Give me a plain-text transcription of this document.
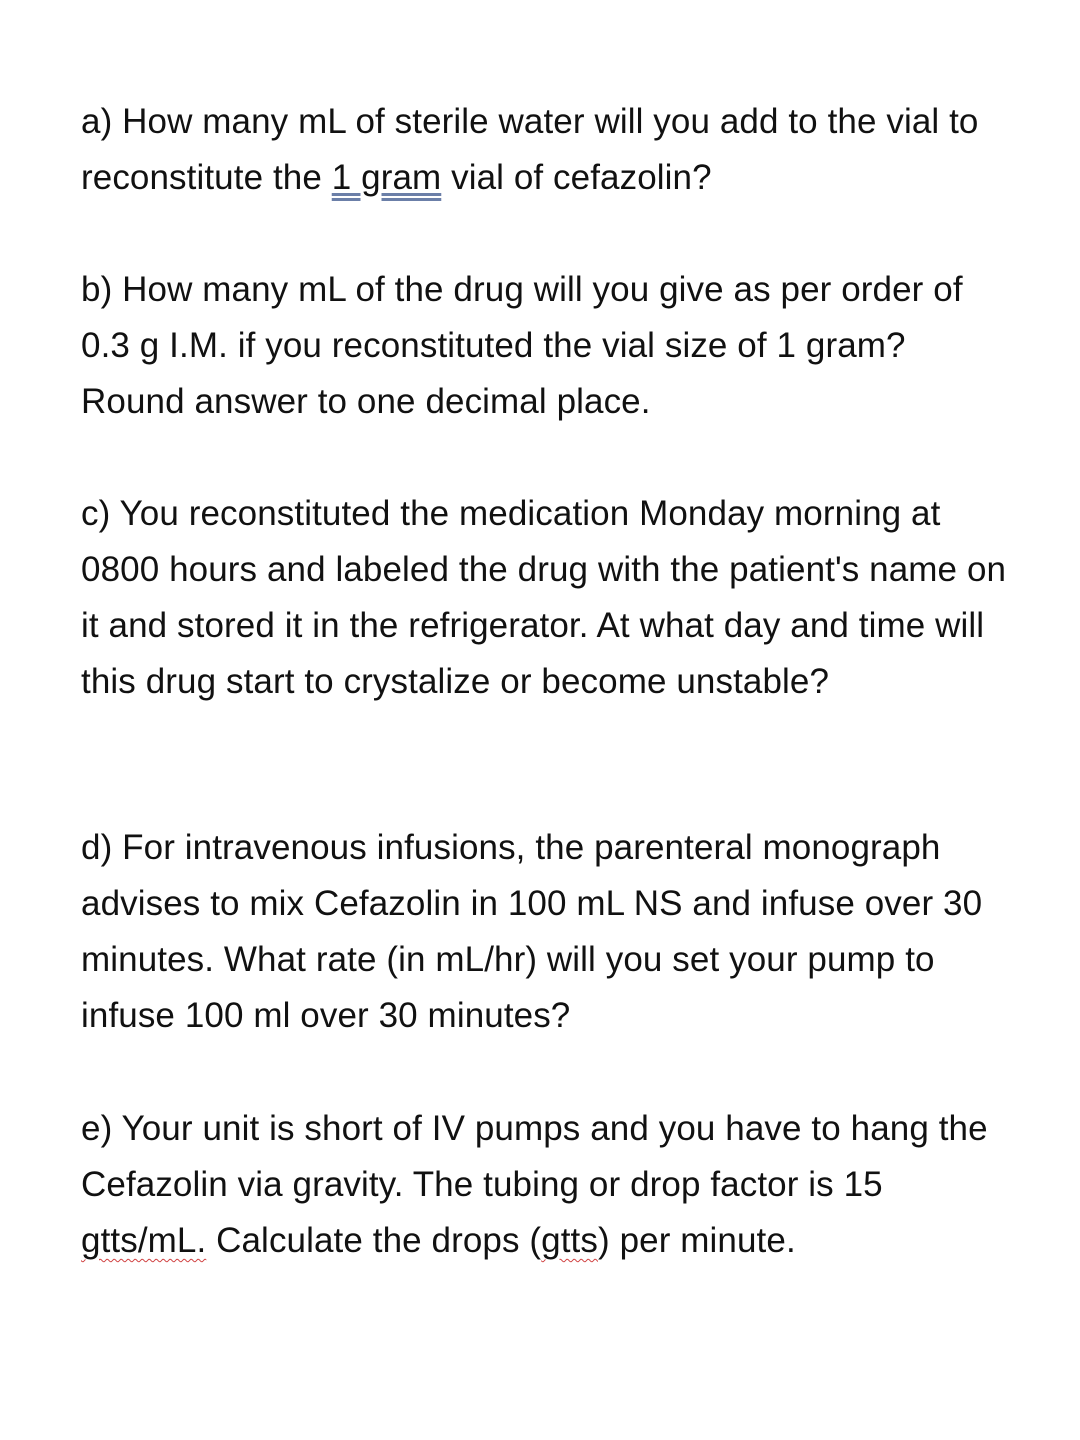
a) How many mL of sterile water will you add to the vial to reconstitute the 1 gram vial of cefazolin?

b) How many mL of the drug will you give as per order of 0.3 g I.M. if you reconstituted the vial size of 1 gram? Round answer to one decimal place.

c) You reconstituted the medication Monday morning at 0800 hours and labeled the drug with the patient's name on it and stored it in the refrigerator. At what day and time will this drug start to crystalize or become unstable?

d) For intravenous infusions, the parenteral monograph advises to mix Cefazolin in 100 mL NS and infuse over 30 minutes. What rate (in mL/hr) will you set your pump to infuse 100 ml over 30 minutes?

e) Your unit is short of IV pumps and you have to hang the Cefazolin via gravity. The tubing or drop factor is 15 gtts/mL. Calculate the drops (gtts) per minute.
